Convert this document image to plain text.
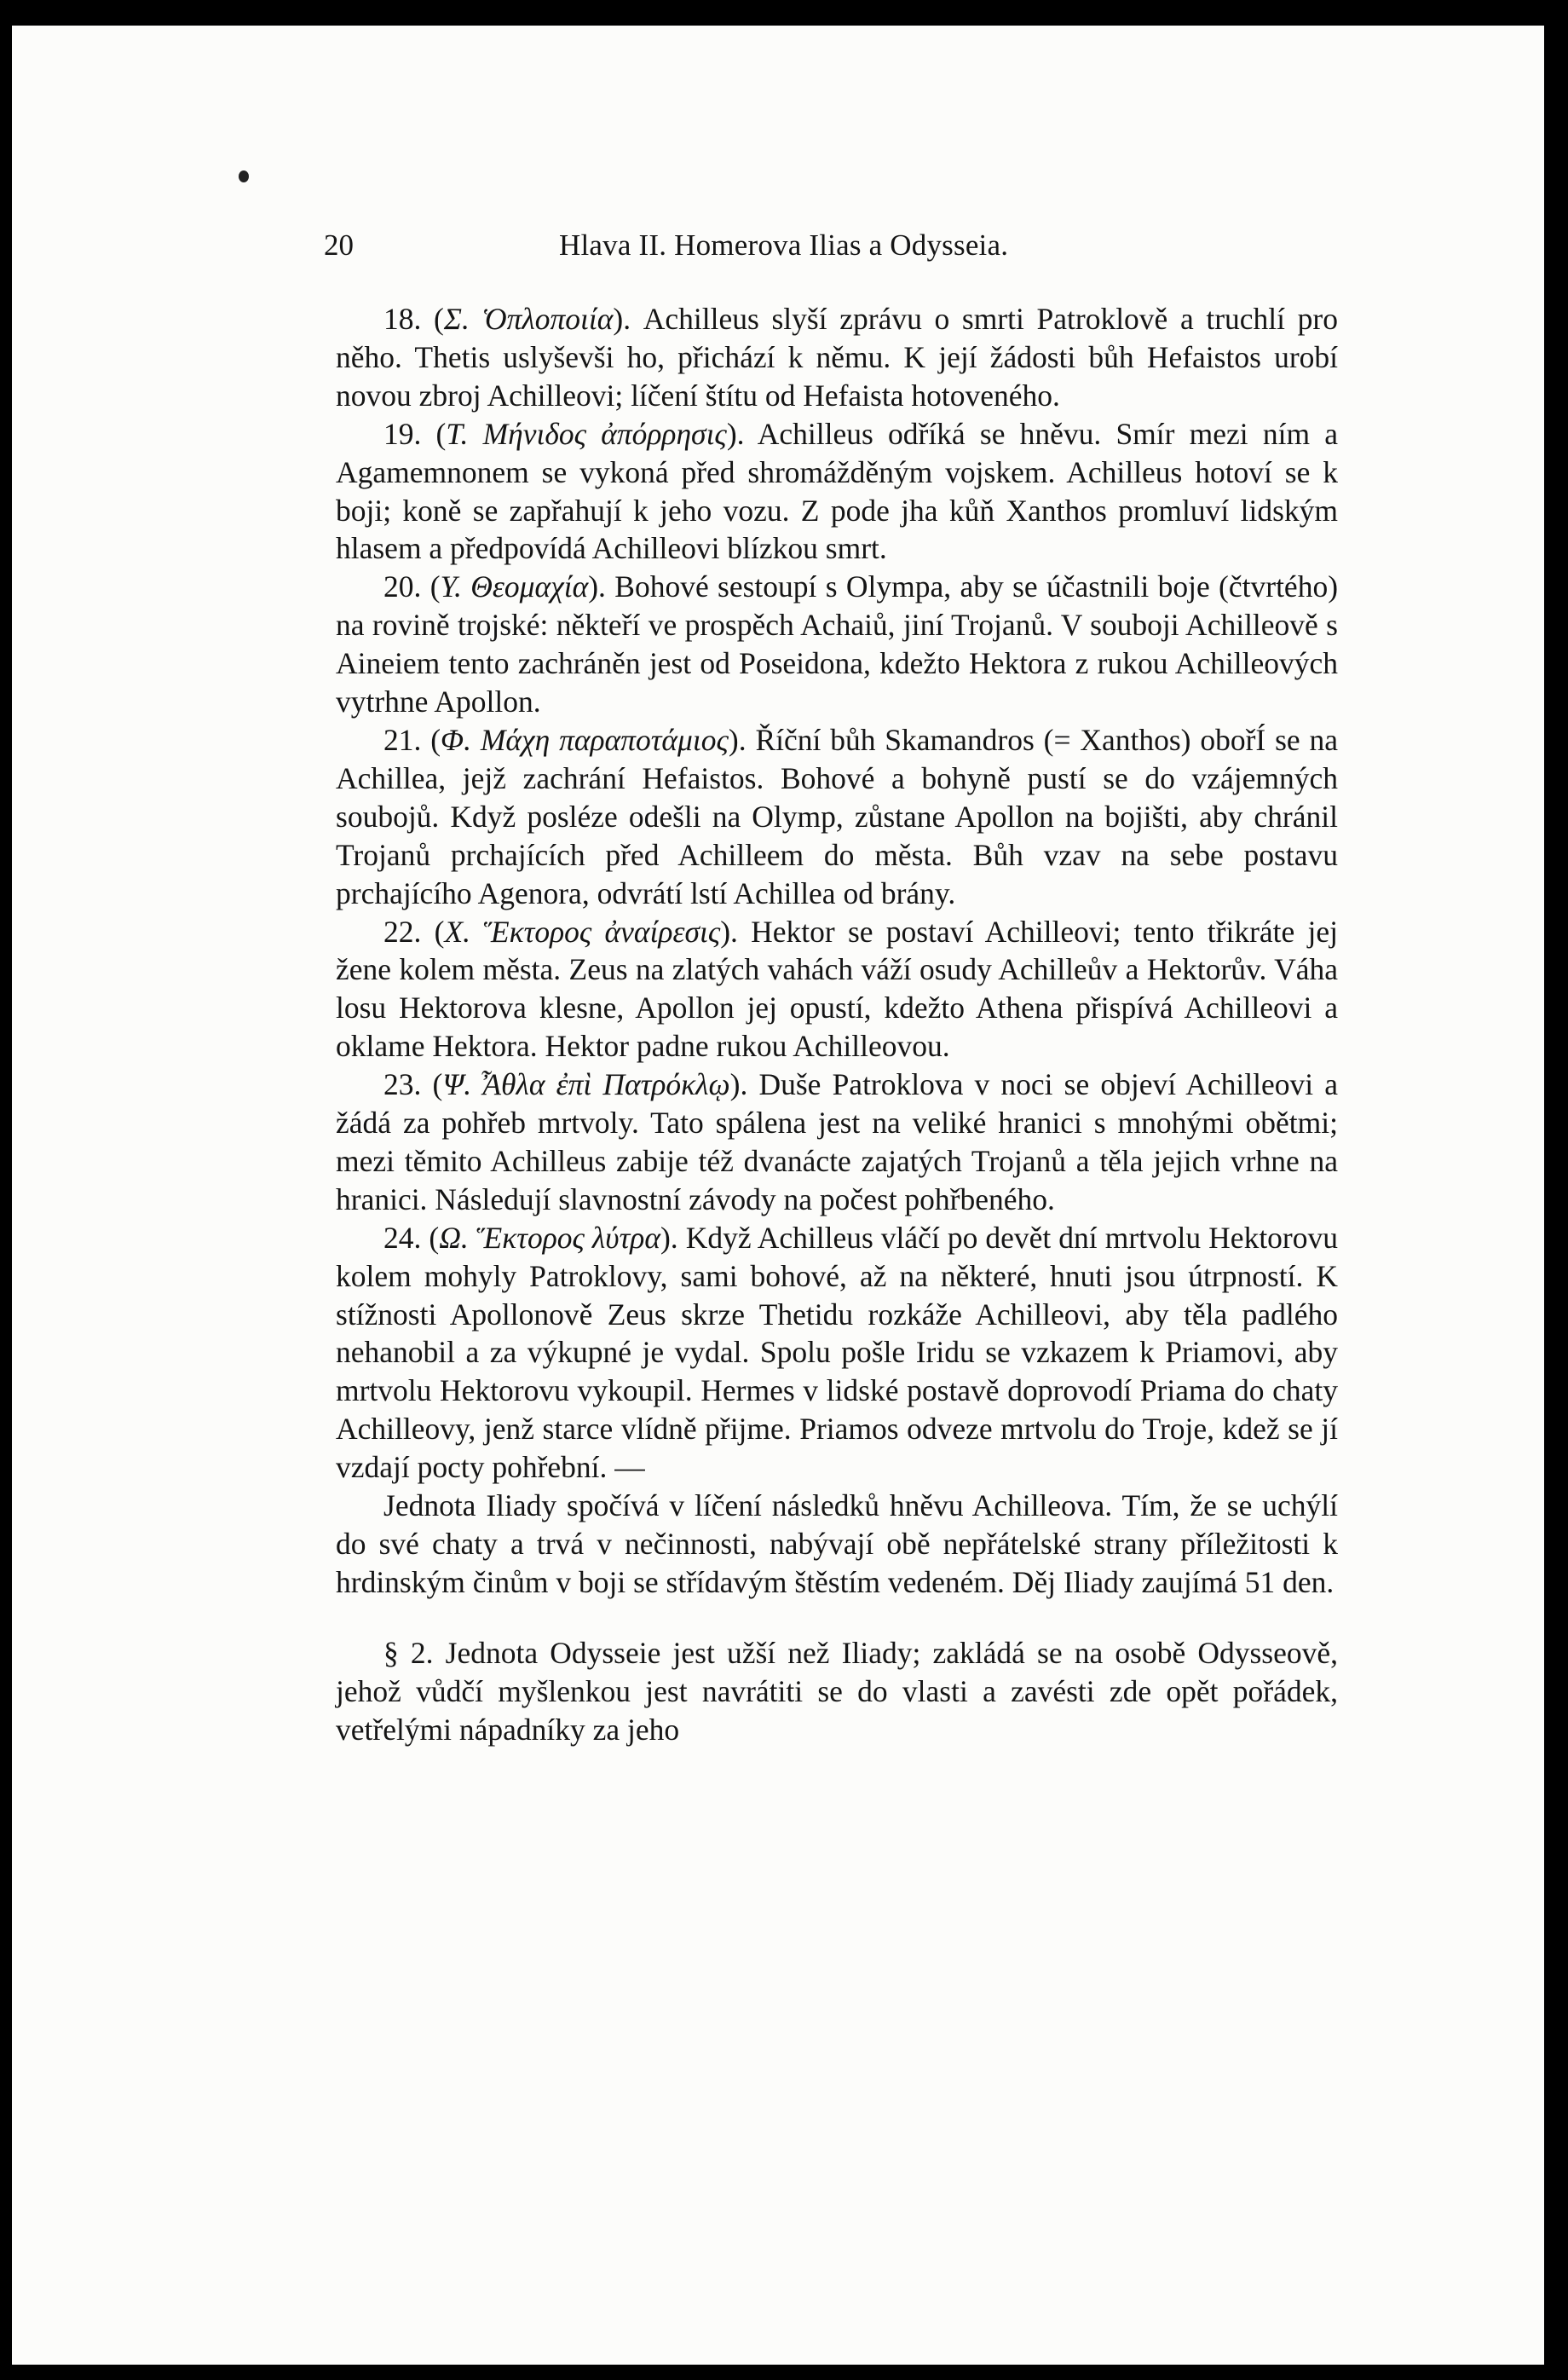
20	Hlava II. Homerova Ilias a Odysseia.

18. (Σ. Ὁπλοποιία). Achilleus slyší zprávu o smrti Patroklově a truchlí pro něho. Thetis uslyševši ho, přichází k němu. K její žádosti bůh Hefaistos urobí novou zbroj Achilleovi; líčení štítu od Hefaista hotoveného.

19. (T. Μήνιδος ἀπόρρησις). Achilleus odříká se hněvu. Smír mezi ním a Agamemnonem se vykoná před shromážděným vojskem. Achilleus hotoví se k boji; koně se zapřahují k jeho vozu. Z pode jha kůň Xanthos promluví lidským hlasem a předpovídá Achilleovi blízkou smrt.

20. (Y. Θεομαχία). Bohové sestoupí s Olympa, aby se účastnili boje (čtvrtého) na rovině trojské: někteří ve prospěch Achaiů, jiní Trojanů. V souboji Achilleově s Aineiem tento zachráněn jest od Poseidona, kdežto Hektora z rukou Achilleových vytrhne Apollon.

21. (Φ. Μάχη παραποτάμιος). Říční bůh Skamandros (= Xanthos) obořÍ se na Achillea, jejž zachrání Hefaistos. Bohové a bohyně pustí se do vzájemných soubojů. Když posléze odešli na Olymp, zůstane Apollon na bojišti, aby chránil Trojanů prchajících před Achilleem do města. Bůh vzav na sebe postavu prchajícího Agenora, odvrátí lstí Achillea od brány.

22. (X. Ἕκτορος ἀναίρεσις). Hektor se postaví Achilleovi; tento třikráte jej žene kolem města. Zeus na zlatých vahách váží osudy Achilleův a Hektorův. Váha losu Hektorova klesne, Apollon jej opustí, kdežto Athena přispívá Achilleovi a oklame Hektora. Hektor padne rukou Achilleovou.

23. (Ψ. Ἆθλα ἐπὶ Πατρόκλῳ). Duše Patroklova v noci se objeví Achilleovi a žádá za pohřeb mrtvoly. Tato spálena jest na veliké hranici s mnohými obětmi; mezi těmito Achilleus zabije též dvanácte zajatých Trojanů a těla jejich vrhne na hranici. Následují slavnostní závody na počest pohřbeného.

24. (Ω. Ἕκτορος λύτρα). Když Achilleus vláčí po devět dní mrtvolu Hektorovu kolem mohyly Patroklovy, sami bohové, až na některé, hnuti jsou útrpností. K stížnosti Apollonově Zeus skrze Thetidu rozkáže Achilleovi, aby těla padlého nehanobil a za výkupné je vydal. Spolu pošle Iridu se vzkazem k Priamovi, aby mrtvolu Hektorovu vykoupil. Hermes v lidské postavě doprovodí Priama do chaty Achilleovy, jenž starce vlídně přijme. Priamos odveze mrtvolu do Troje, kdež se jí vzdají pocty pohřební. —

Jednota Iliady spočívá v líčení následků hněvu Achilleova. Tím, že se uchýlí do své chaty a trvá v nečinnosti, nabývají obě nepřátelské strany příležitosti k hrdinským činům v boji se střídavým štěstím vedeném. Děj Iliady zaujímá 51 den.

§ 2. Jednota Odysseie jest užší než Iliady; zakládá se na osobě Odysseově, jehož vůdčí myšlenkou jest navrátiti se do vlasti a zavésti zde opět pořádek, vetřelými nápadníky za jeho
